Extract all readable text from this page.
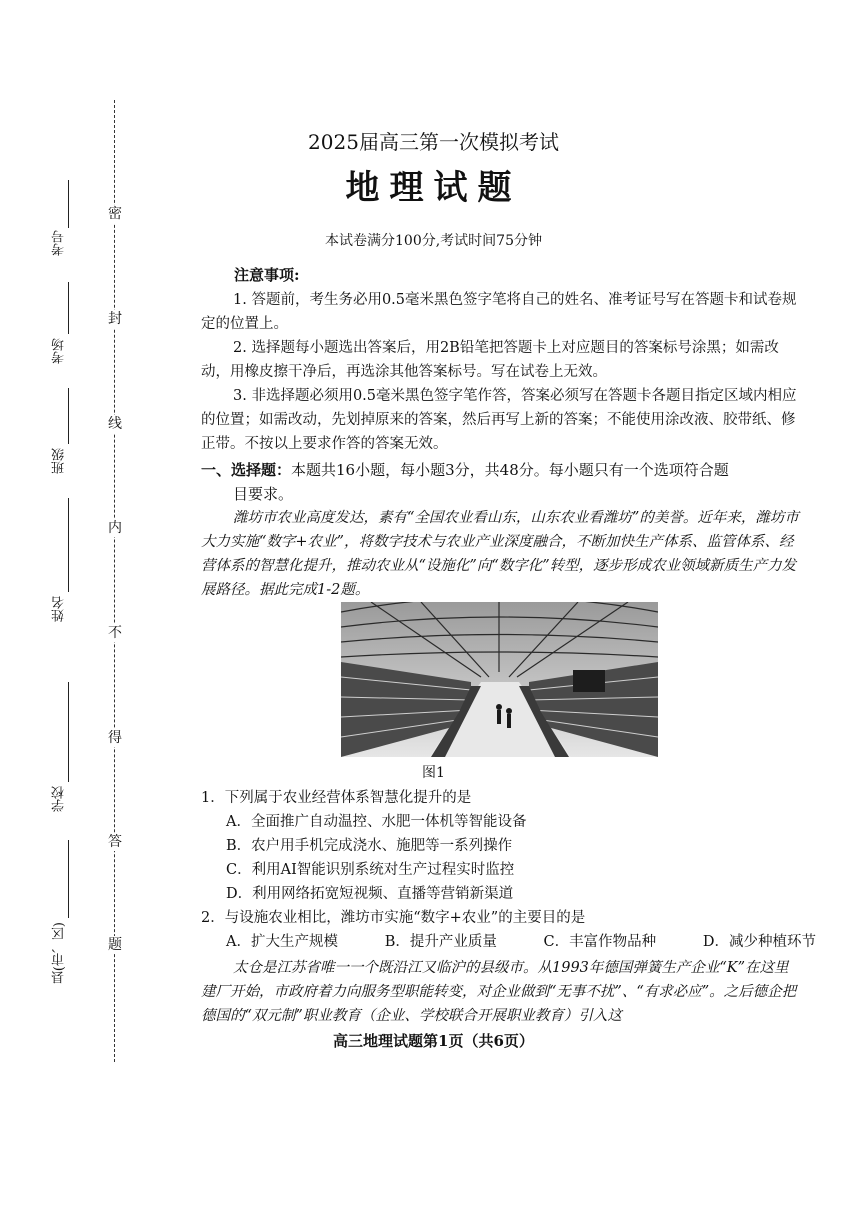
密
封
线
内
不
得
答
题
考号
考场
班级
姓名
学校
县(市、区)
2025届高三第一次模拟考试
地理试题
本试卷满分100分,考试时间75分钟
注意事项:

1. 答题前，考生务必用0.5毫米黑色签字笔将自己的姓名、准考证号写在答题卡和试卷规定的位置上。

2. 选择题每小题选出答案后，用2B铅笔把答题卡上对应题目的答案标号涂黑；如需改动，用橡皮擦干净后，再选涂其他答案标号。写在试卷上无效。

3. 非选择题必须用0.5毫米黑色签字笔作答，答案必须写在答题卡各题目指定区域内相应的位置；如需改动，先划掉原来的答案，然后再写上新的答案；不能使用涂改液、胶带纸、修正带。不按以上要求作答的答案无效。

一、选择题：本题共16小题，每小题3分，共48分。每小题只有一个选项符合题
目要求。

潍坊市农业高度发达，素有“全国农业看山东，山东农业看潍坊”的美誉。近年来，潍坊市大力实施“数字+农业”，将数字技术与农业产业深度融合，不断加快生产体系、监管体系、经营体系的智慧化提升，推动农业从“设施化”向“数字化”转型，逐步形成农业领域新质生产力发展路径。据此完成1-2题。

图1
1．下列属于农业经营体系智慧化提升的是
A．全面推广自动温控、水肥一体机等智能设备
B．农户用手机完成浇水、施肥等一系列操作
C．利用AI智能识别系统对生产过程实时监控
D．利用网络拓宽短视频、直播等营销新渠道
2．与设施农业相比，潍坊市实施“数字+农业”的主要目的是
A．扩大生产规模	B．提升产业质量	C．丰富作物品种	D．减少种植环节

太仓是江苏省唯一一个既沿江又临沪的县级市。从1993年德国弹簧生产企业“K”在这里建厂开始，市政府着力向服务型职能转变，对企业做到“无事不扰”、“有求必应”。之后德企把德国的“双元制”职业教育（企业、学校联合开展职业教育）引入这

高三地理试题第1页（共6页）
